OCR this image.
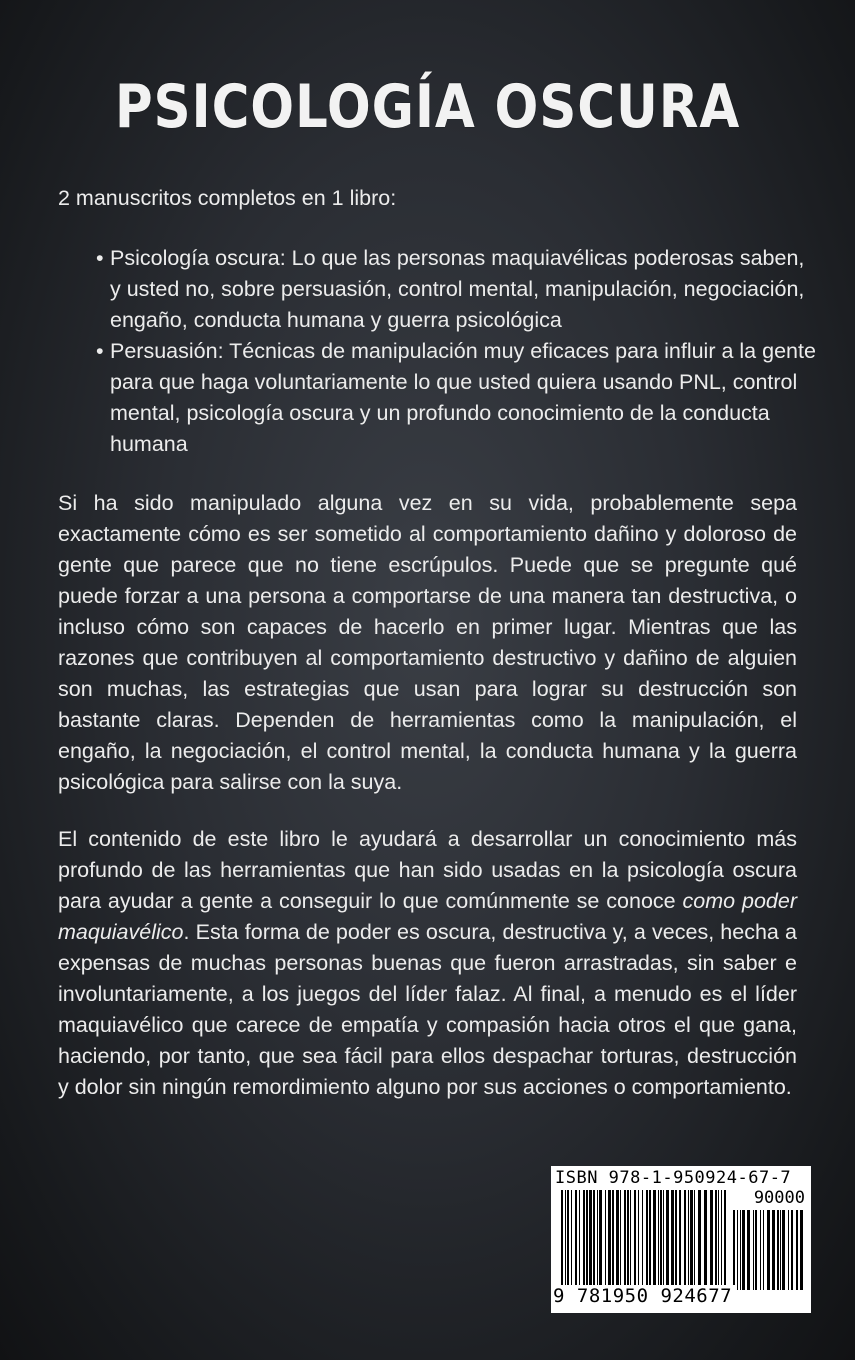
PSICOLOGÍA OSCURA
2 manuscritos completos en 1 libro:
• Psicología oscura: Lo que las personas maquiavélicas poderosas saben, y usted no, sobre persuasión, control mental, manipulación, negociación, engaño, conducta humana y guerra psicológica
• Persuasión: Técnicas de manipulación muy eficaces para influir a la gente para que haga voluntariamente lo que usted quiera usando PNL, control mental, psicología oscura y un profundo conocimiento de la conducta humana

Si ha sido manipulado alguna vez en su vida, probablemente sepa exactamente cómo es ser sometido al comportamiento dañino y doloroso de gente que parece que no tiene escrúpulos. Puede que se pregunte qué puede forzar a una persona a comportarse de una manera tan destructiva, o incluso cómo son capaces de hacerlo en primer lugar. Mientras que las razones que contribuyen al comportamiento destructivo y dañino de alguien son muchas, las estrategias que usan para lograr su destrucción son bastante claras. Dependen de herramientas como la manipulación, el engaño, la negociación, el control mental, la conducta humana y la guerra psicológica para salirse con la suya.

El contenido de este libro le ayudará a desarrollar un conocimiento más profundo de las herramientas que han sido usadas en la psicología oscura para ayudar a gente a conseguir lo que comúnmente se conoce como poder maquiavélico. Esta forma de poder es oscura, destructiva y, a veces, hecha a expensas de muchas personas buenas que fueron arrastradas, sin saber e involuntariamente, a los juegos del líder falaz. Al final, a menudo es el líder maquiavélico que carece de empatía y compasión hacia otros el que gana, haciendo, por tanto, que sea fácil para ellos despachar torturas, destrucción y dolor sin ningún remordimiento alguno por sus acciones o comportamiento.

ISBN 978-1-950924-67-7
90000
9 781950 924677
